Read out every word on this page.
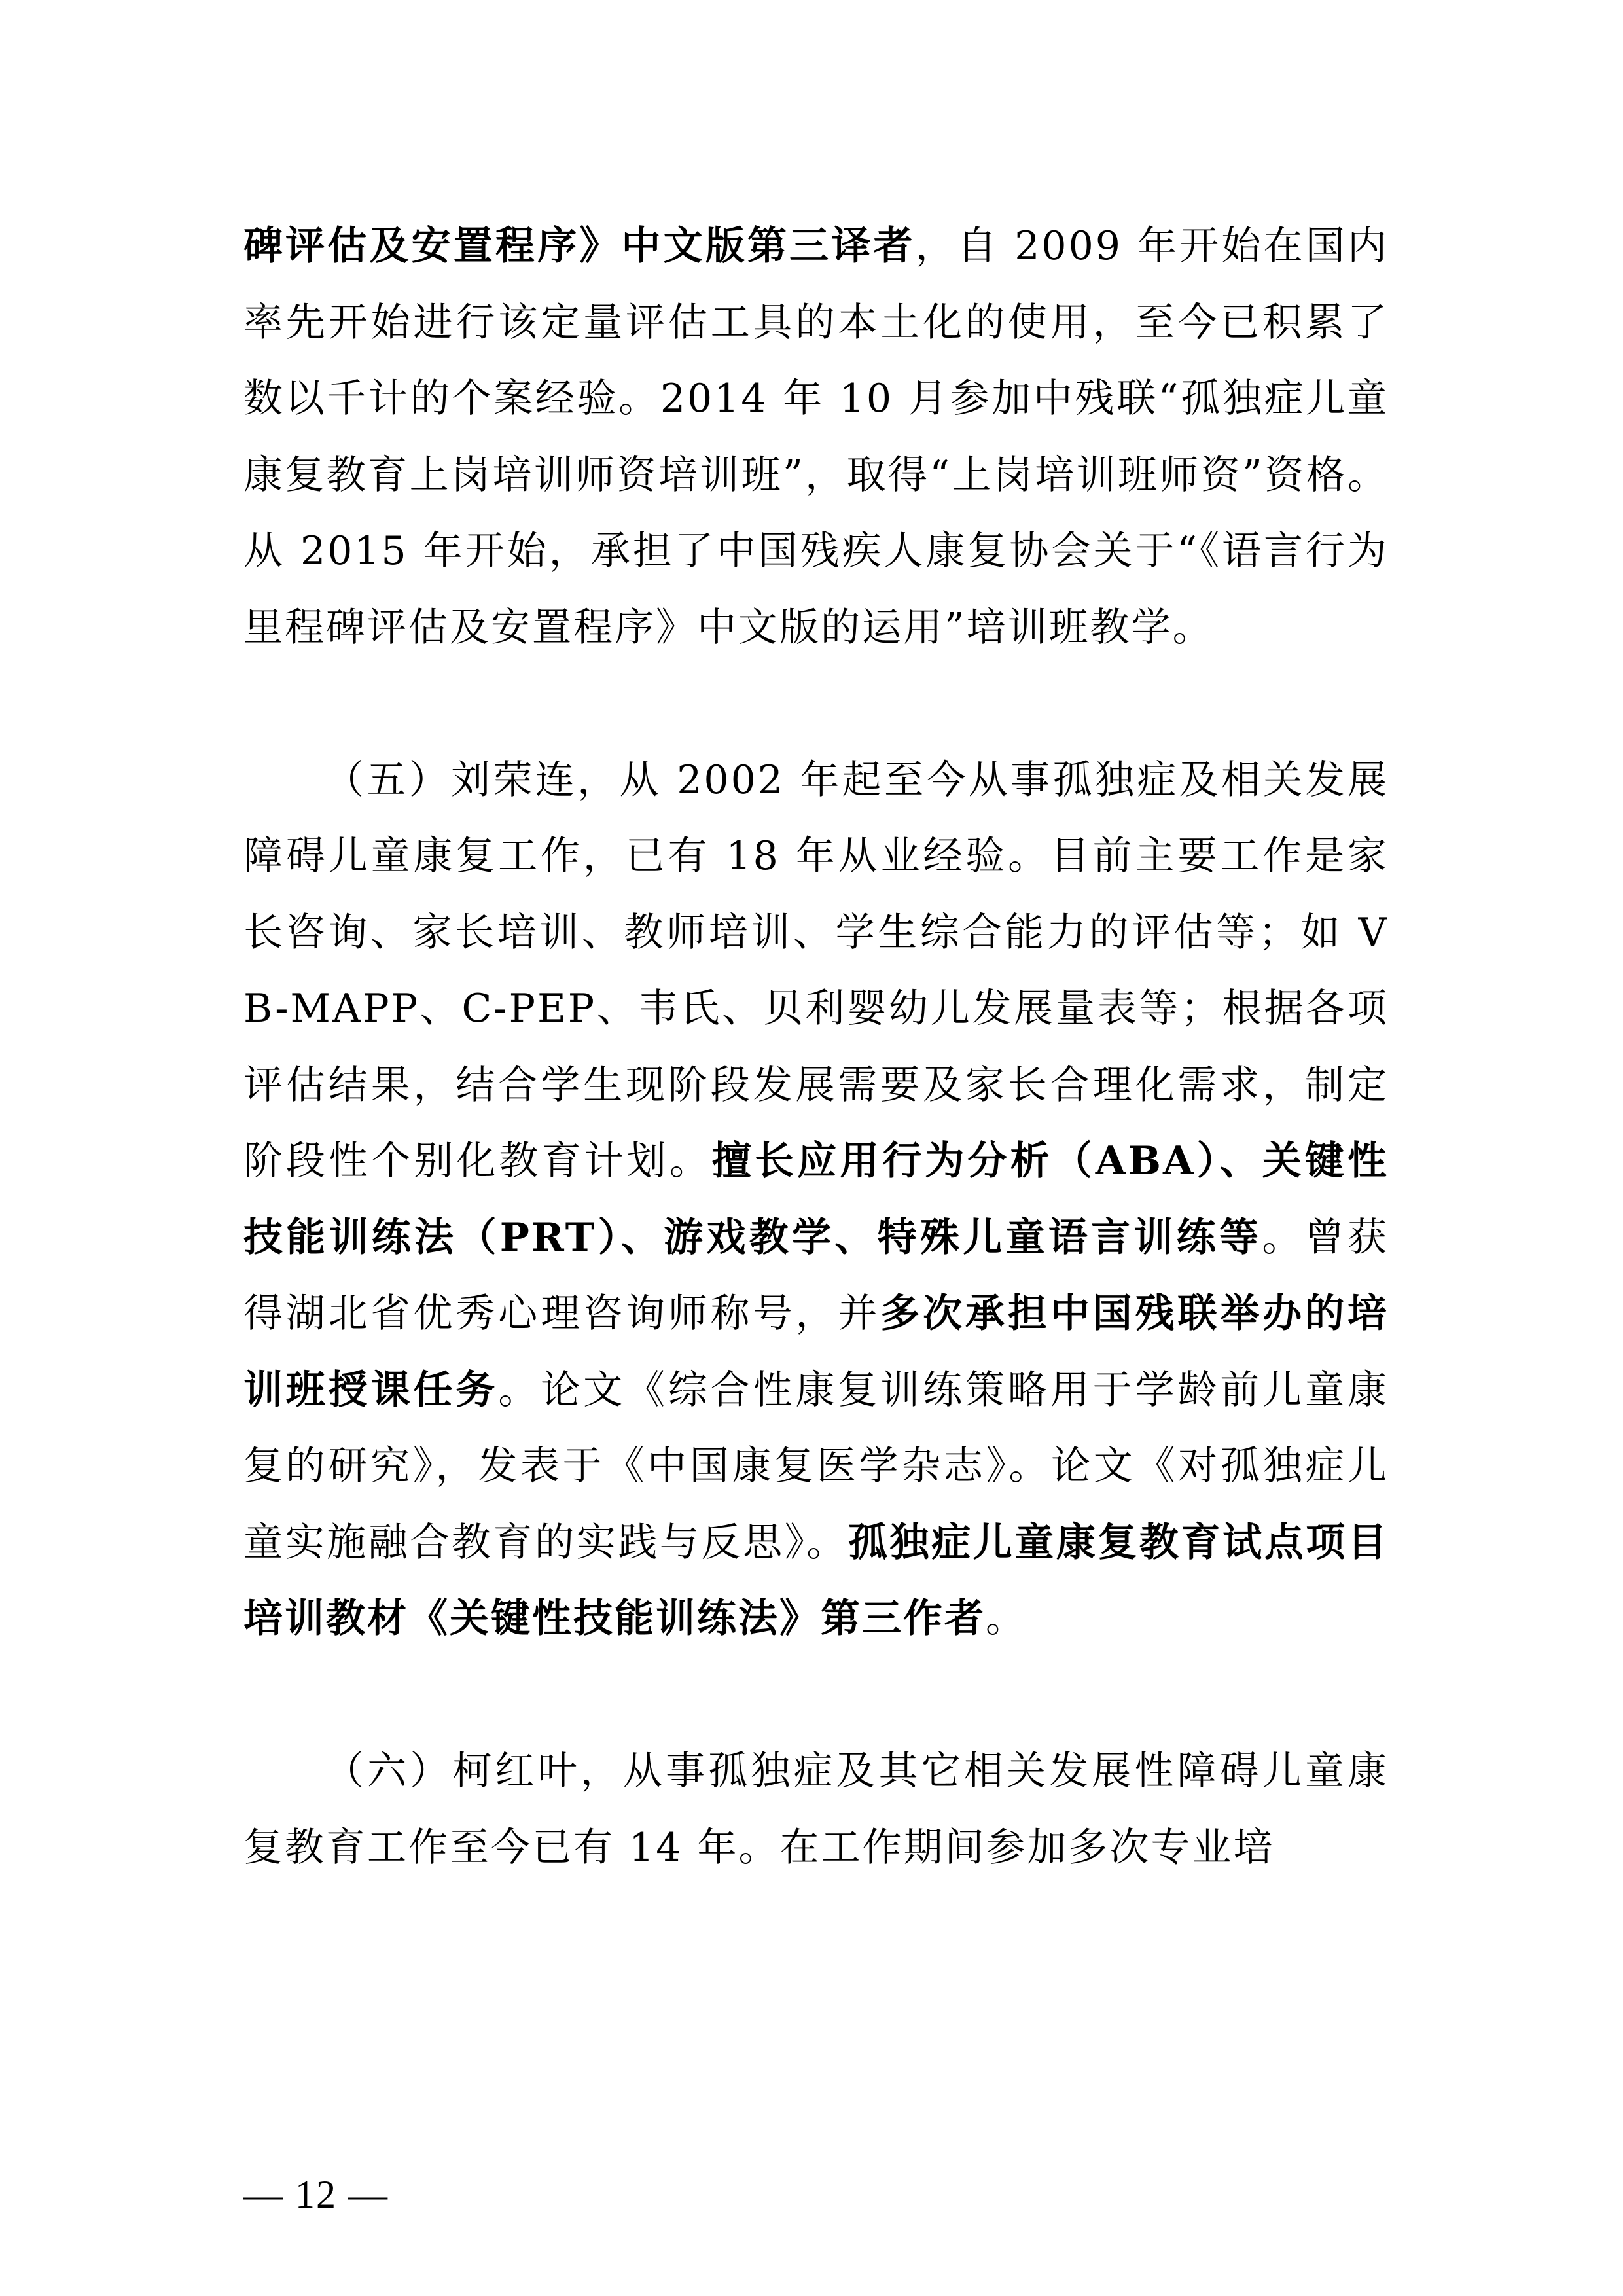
碑评估及安置程序》中文版第三译者，自 2009 年开始在国内率先开始进行该定量评估工具的本土化的使用，至今已积累了数以千计的个案经验。2014 年 10 月参加中残联“孤独症儿童康复教育上岗培训师资培训班”，取得“上岗培训班师资”资格。从 2015 年开始，承担了中国残疾人康复协会关于“《语言行为里程碑评估及安置程序》中文版的运用”培训班教学。

（五）刘荣连，从 2002 年起至今从事孤独症及相关发展障碍儿童康复工作，已有 18 年从业经验。目前主要工作是家长咨询、家长培训、教师培训、学生综合能力的评估等；如 VB-MAPP、C-PEP、韦氏、贝利婴幼儿发展量表等；根据各项评估结果，结合学生现阶段发展需要及家长合理化需求，制定阶段性个别化教育计划。擅长应用行为分析（ABA）、关键性技能训练法（PRT）、游戏教学、特殊儿童语言训练等。曾获得湖北省优秀心理咨询师称号，并多次承担中国残联举办的培训班授课任务。论文《综合性康复训练策略用于学龄前儿童康复的研究》，发表于《中国康复医学杂志》。论文《对孤独症儿童实施融合教育的实践与反思》。孤独症儿童康复教育试点项目培训教材《关键性技能训练法》第三作者。

（六）柯红叶，从事孤独症及其它相关发展性障碍儿童康复教育工作至今已有 14 年。在工作期间参加多次专业培

— 12 —
